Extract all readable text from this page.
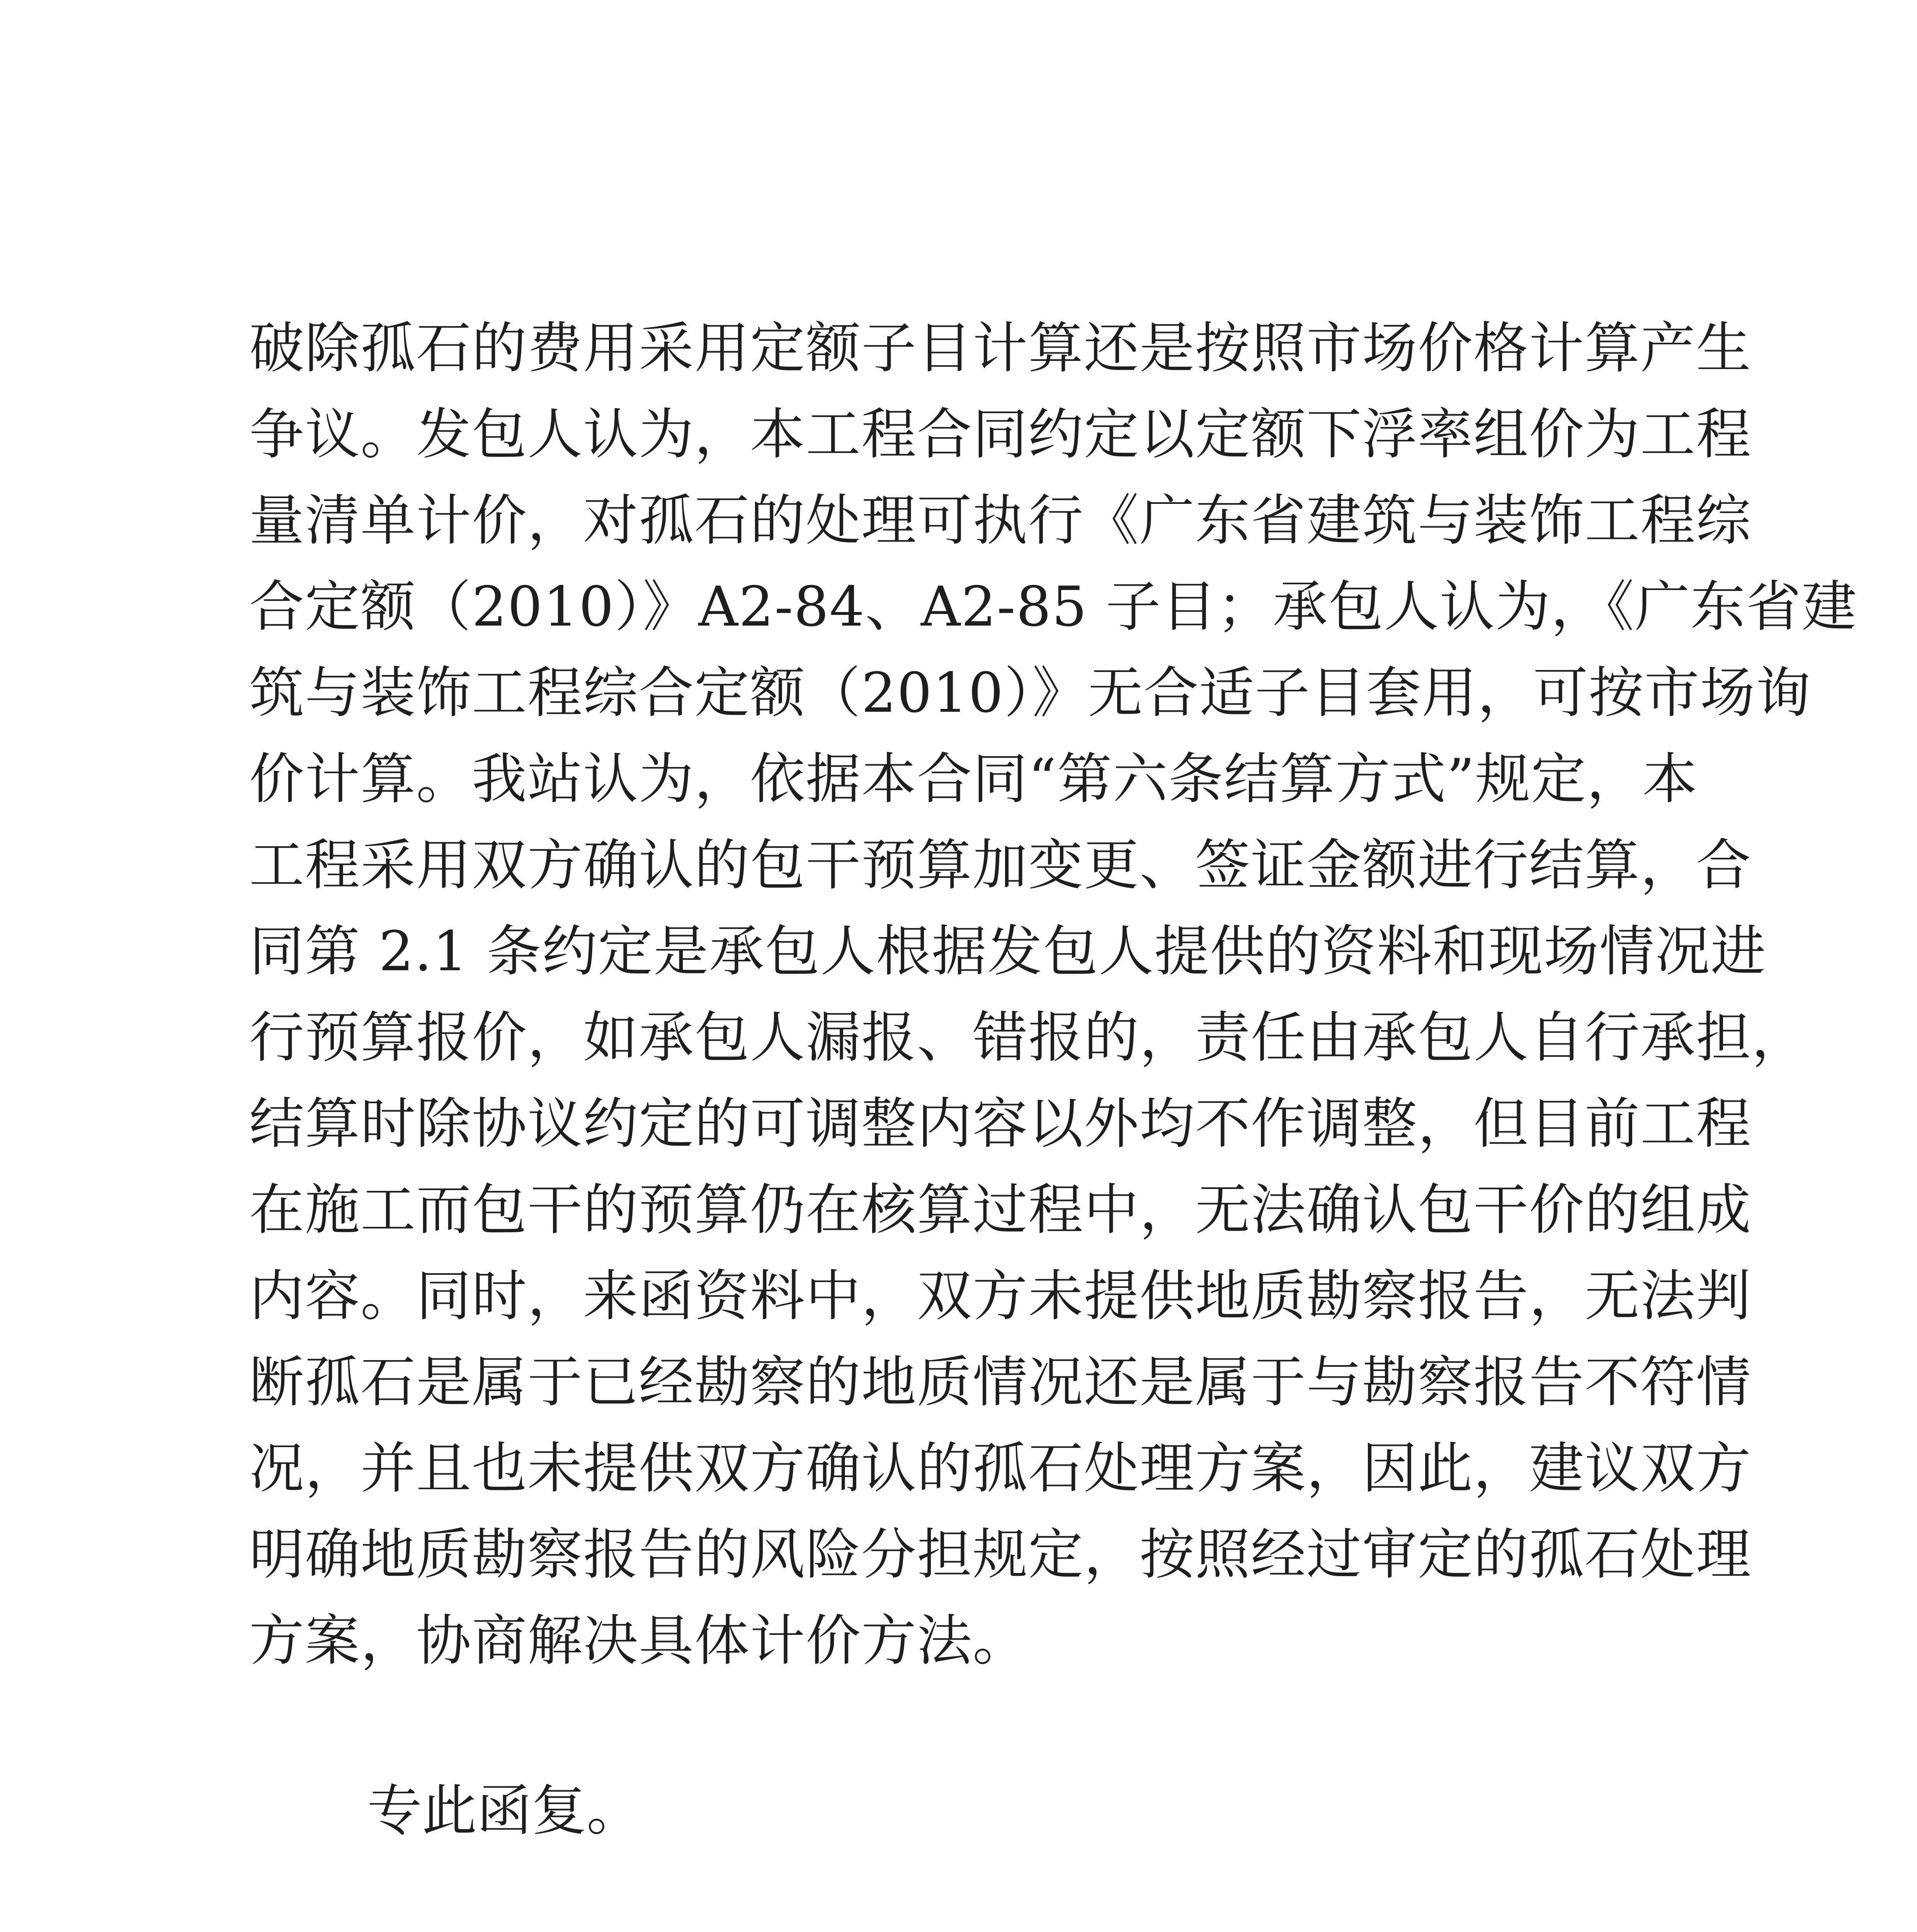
破除孤石的费用采用定额子目计算还是按照市场价格计算产生
争议。发包人认为，本工程合同约定以定额下浮率组价为工程
量清单计价，对孤石的处理可执行《广东省建筑与装饰工程综
合定额（2010）》A2-84、A2-85 子目；承包人认为，《广东省建
筑与装饰工程综合定额（2010）》无合适子目套用，可按市场询
价计算。我站认为，依据本合同“第六条结算方式”规定，本
工程采用双方确认的包干预算加变更、签证金额进行结算，合
同第 2.1 条约定是承包人根据发包人提供的资料和现场情况进
行预算报价，如承包人漏报、错报的，责任由承包人自行承担，
结算时除协议约定的可调整内容以外均不作调整，但目前工程
在施工而包干的预算仍在核算过程中，无法确认包干价的组成
内容。同时，来函资料中，双方未提供地质勘察报告，无法判
断孤石是属于已经勘察的地质情况还是属于与勘察报告不符情
况，并且也未提供双方确认的孤石处理方案，因此，建议双方
明确地质勘察报告的风险分担规定，按照经过审定的孤石处理
方案，协商解决具体计价方法。

专此函复。
